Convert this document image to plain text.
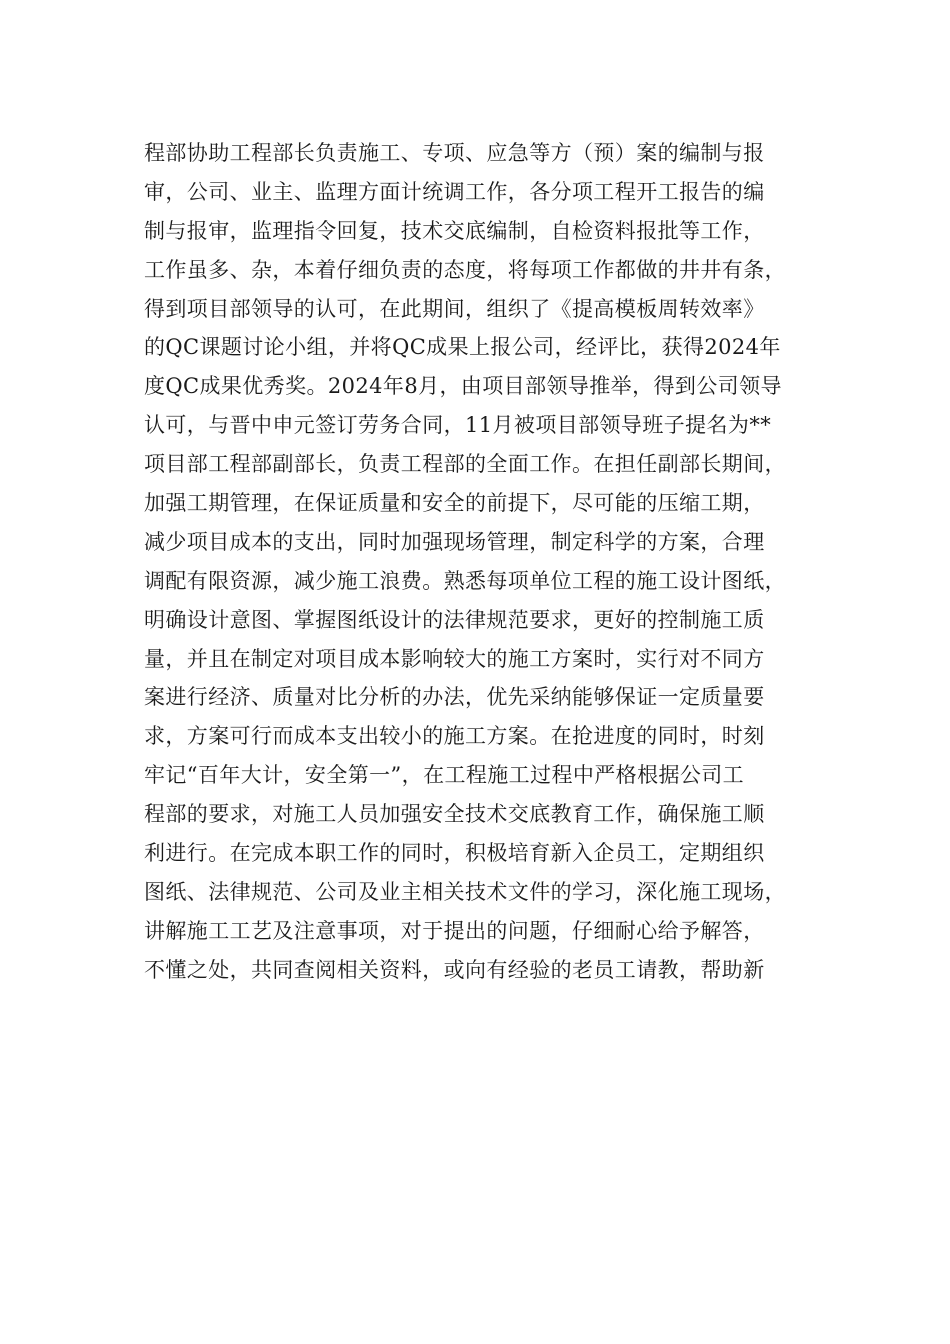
程部协助工程部长负责施工、专项、应急等方（预）案的编制与报
审，公司、业主、监理方面计统调工作，各分项工程开工报告的编
制与报审，监理指令回复，技术交底编制，自检资料报批等工作，
工作虽多、杂，本着仔细负责的态度，将每项工作都做的井井有条，
得到项目部领导的认可，在此期间，组织了《提高模板周转效率》
的QC课题讨论小组，并将QC成果上报公司，经评比，获得2024年
度QC成果优秀奖。2024年8月，由项目部领导推举，得到公司领导
认可，与晋中申元签订劳务合同，11月被项目部领导班子提名为**
项目部工程部副部长，负责工程部的全面工作。在担任副部长期间，
加强工期管理，在保证质量和安全的前提下，尽可能的压缩工期，
减少项目成本的支出，同时加强现场管理，制定科学的方案，合理
调配有限资源，减少施工浪费。熟悉每项单位工程的施工设计图纸，
明确设计意图、掌握图纸设计的法律规范要求，更好的控制施工质
量，并且在制定对项目成本影响较大的施工方案时，实行对不同方
案进行经济、质量对比分析的办法，优先采纳能够保证一定质量要
求，方案可行而成本支出较小的施工方案。在抢进度的同时，时刻
牢记“百年大计，安全第一”，在工程施工过程中严格根据公司工
程部的要求，对施工人员加强安全技术交底教育工作，确保施工顺
利进行。在完成本职工作的同时，积极培育新入企员工，定期组织
图纸、法律规范、公司及业主相关技术文件的学习，深化施工现场，
讲解施工工艺及注意事项，对于提出的问题，仔细耐心给予解答，
不懂之处，共同查阅相关资料，或向有经验的老员工请教，帮助新
